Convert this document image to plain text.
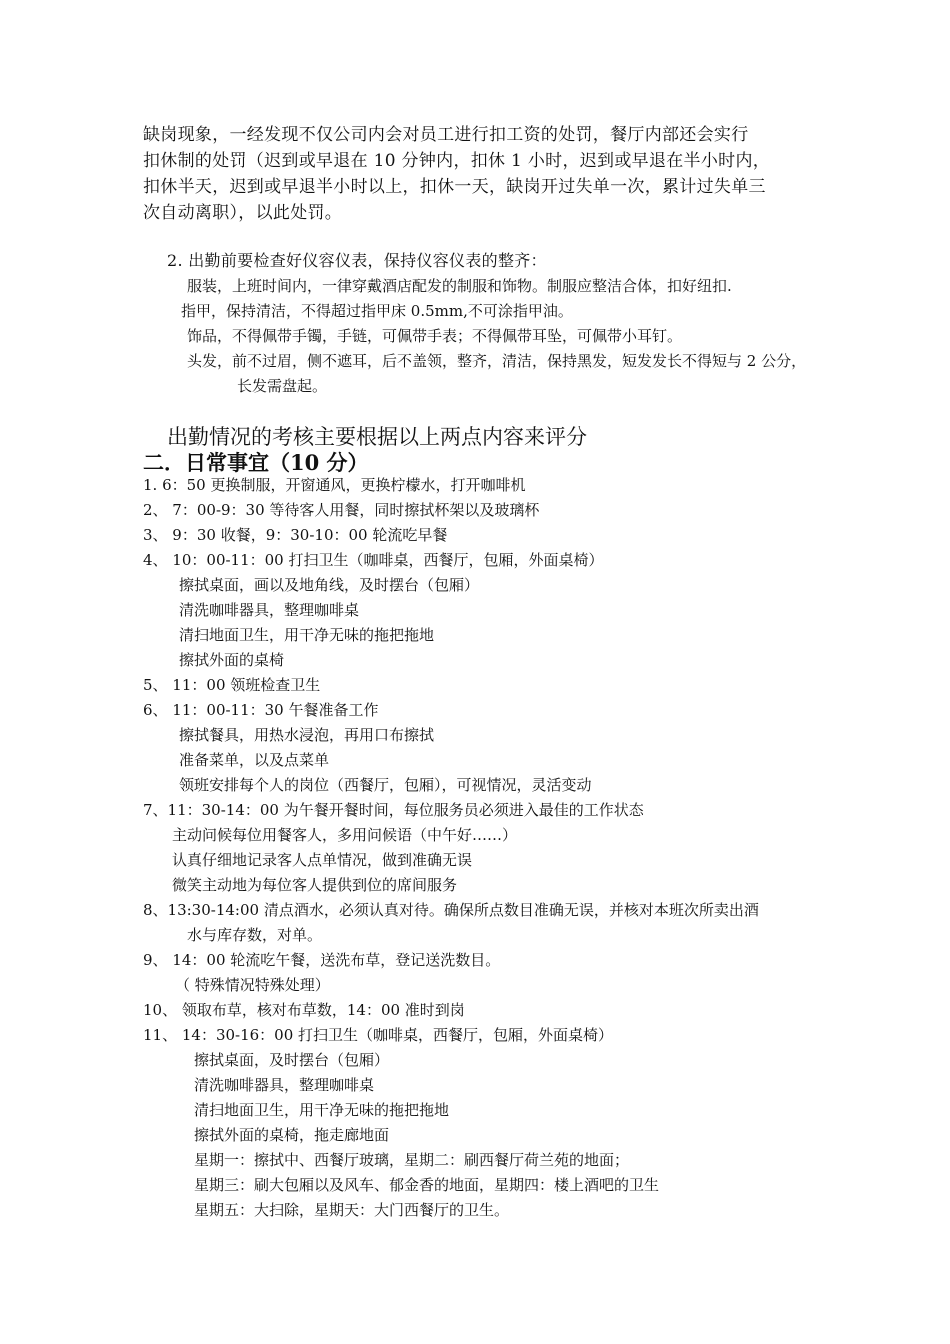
缺岗现象，一经发现不仅公司内会对员工进行扣工资的处罚，餐厅内部还会实行
扣休制的处罚（迟到或早退在 10 分钟内，扣休 1 小时，迟到或早退在半小时内，
扣休半天，迟到或早退半小时以上，扣休一天，缺岗开过失单一次，累计过失单三
次自动离职），以此处罚。
2. 出勤前要检查好仪容仪表，保持仪容仪表的整齐：
服装，上班时间内，一律穿戴酒店配发的制服和饰物。制服应整洁合体，扣好纽扣.
指甲，保持清洁，不得超过指甲床 0.5mm,不可涂指甲油。
饰品，不得佩带手镯，手链，可佩带手表；不得佩带耳坠，可佩带小耳钉。
头发，前不过眉，侧不遮耳，后不盖领，整齐，清洁，保持黑发，短发发长不得短与 2 公分，
长发需盘起。
出勤情况的考核主要根据以上两点内容来评分
二．日常事宜（10 分）
1. 6：50 更换制服，开窗通风，更换柠檬水，打开咖啡机
2、 7：00-9：30 等待客人用餐，同时擦拭杯架以及玻璃杯
3、 9：30 收餐，9：30-10：00 轮流吃早餐
4、 10：00-11：00 打扫卫生（咖啡桌，西餐厅，包厢，外面桌椅）
擦拭桌面，画以及地角线，及时摆台（包厢）
清洗咖啡器具，整理咖啡桌
清扫地面卫生，用干净无味的拖把拖地
擦拭外面的桌椅
5、 11：00 领班检查卫生
6、 11：00-11：30 午餐准备工作
擦拭餐具，用热水浸泡，再用口布擦拭
准备菜单，以及点菜单
领班安排每个人的岗位（西餐厅，包厢），可视情况，灵活变动
7、11：30-14：00 为午餐开餐时间，每位服务员必须进入最佳的工作状态
主动问候每位用餐客人，多用问候语（中午好……）
认真仔细地记录客人点单情况，做到准确无误
微笑主动地为每位客人提供到位的席间服务
8、13:30-14:00 清点酒水，必须认真对待。确保所点数目准确无误，并核对本班次所卖出酒
水与库存数，对单。
9、 14：00 轮流吃午餐，送洗布草，登记送洗数目。
（ 特殊情况特殊处理）
10、 领取布草，核对布草数，14：00 准时到岗
11、 14：30-16：00 打扫卫生（咖啡桌，西餐厅，包厢，外面桌椅）
擦拭桌面，及时摆台（包厢）
清洗咖啡器具，整理咖啡桌
清扫地面卫生，用干净无味的拖把拖地
擦拭外面的桌椅，拖走廊地面
星期一：擦拭中、西餐厅玻璃，星期二：刷西餐厅荷兰苑的地面；
星期三：刷大包厢以及风车、郁金香的地面，星期四：楼上酒吧的卫生
星期五：大扫除，星期天：大门西餐厅的卫生。
